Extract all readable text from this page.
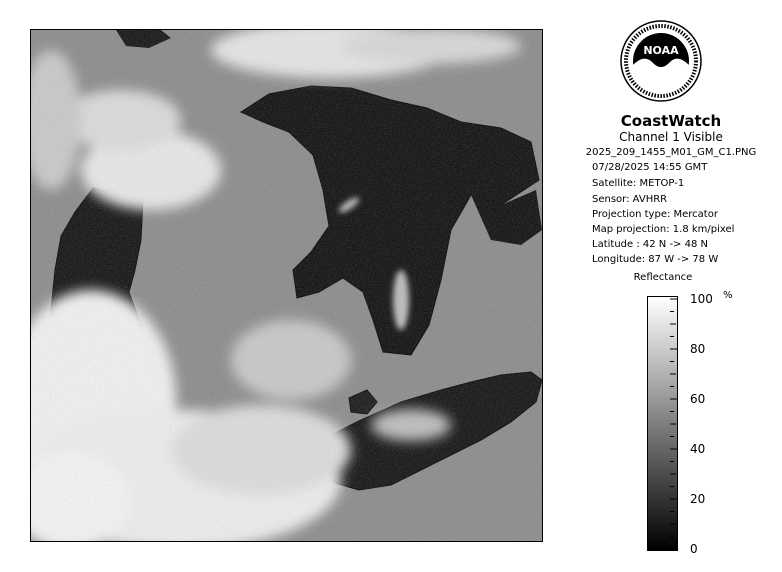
NOAA
CoastWatch
Channel 1 Visible
2025_209_1455_M01_GM_C1.PNG
07/28/2025 14:55 GMT
Satellite: METOP-1
Sensor: AVHRR
Projection type: Mercator
Map projection: 1.8 km/pixel
Latitude : 42 N -> 48 N
Longitude: 87 W -> 78 W
Reflectance
%
100
80
60
40
20
0
